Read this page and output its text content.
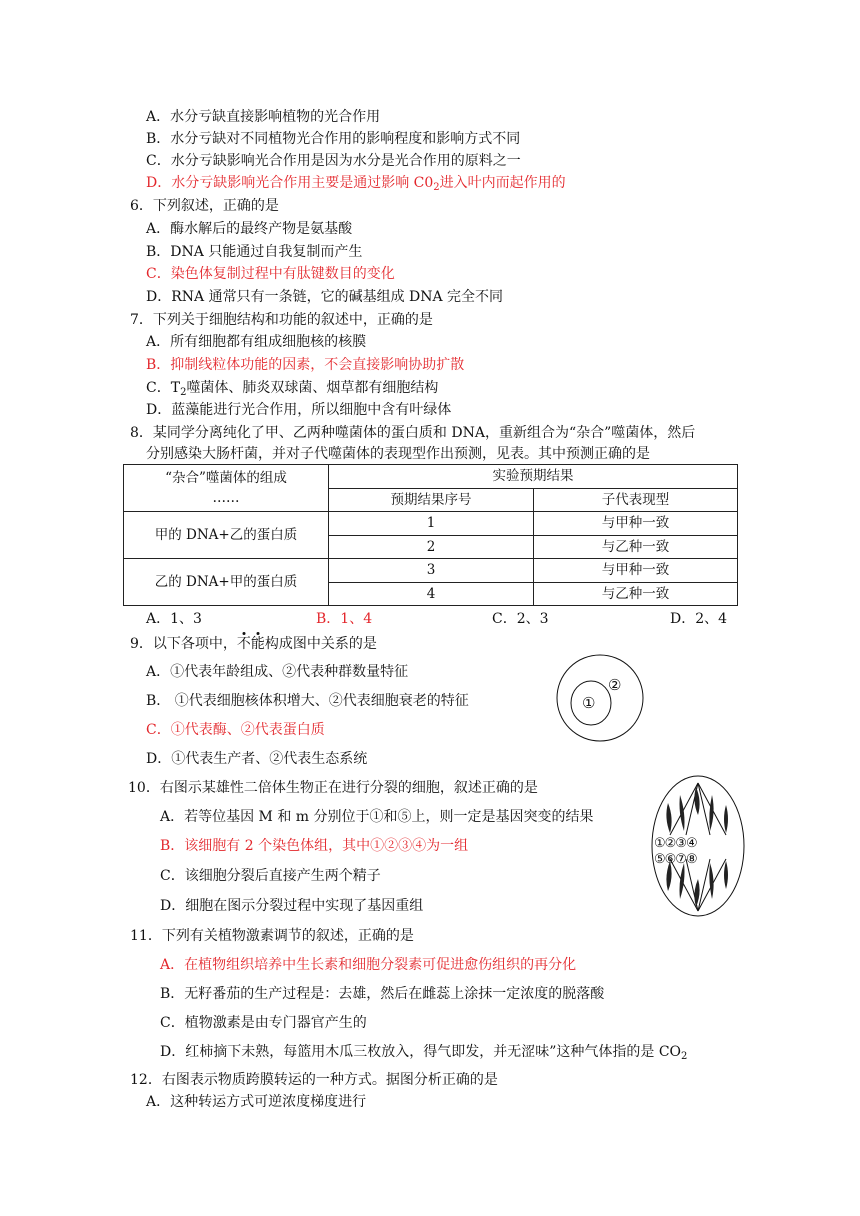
A．水分亏缺直接影响植物的光合作用
B．水分亏缺对不同植物光合作用的影响程度和影响方式不同
C．水分亏缺影响光合作用是因为水分是光合作用的原料之一
D．水分亏缺影响光合作用主要是通过影响 $C0_2$进入叶内而起作用的
6．下列叙述，正确的是
A．酶水解后的最终产物是氨基酸
B．DNA 只能通过自我复制而产生
C．染色体复制过程中有肽键数目的变化
D．RNA 通常只有一条链，它的碱基组成 DNA 完全不同
7．下列关于细胞结构和功能的叙述中，正确的是
A．所有细胞都有组成细胞核的核膜
B．抑制线粒体功能的因素，不会直接影响协助扩散
C．$T_2$噬菌体、肺炎双球菌、烟草都有细胞结构
D．蓝藻能进行光合作用，所以细胞中含有叶绿体
8．某同学分离纯化了甲、乙两种噬菌体的蛋白质和 DNA，重新组合为“杂合”噬菌体，然后
分别感染大肠杆菌，并对子代噬菌体的表现型作出预测，见表。其中预测正确的是
“杂合”噬菌体的组成
……	实验预期结果	
	预期结果序号	子代表现型
甲的 DNA+乙的蛋白质	1	与甲种一致
	2	与乙种一致
乙的 DNA+甲的蛋白质	3	与甲种一致
	4	与乙种一致
A．1、3	B．1、4	C．2、3	D．2、4
9．以下各项中，不能构成图中关系的是
A．①代表年龄组成、②代表种群数量特征
B． ①代表细胞核体积增大、②代表细胞衰老的特征
C．①代表酶、②代表蛋白质
D．①代表生产者、②代表生态系统
①
②
10．右图示某雄性二倍体生物正在进行分裂的细胞，叙述正确的是
A．若等位基因 M 和 m 分别位于①和⑤上，则一定是基因突变的结果
B．该细胞有 2 个染色体组，其中①②③④为一组
C．该细胞分裂后直接产生两个精子
D．细胞在图示分裂过程中实现了基因重组
①②③④
⑤⑥⑦⑧
11．下列有关植物激素调节的叙述，正确的是
A．在植物组织培养中生长素和细胞分裂素可促进愈伤组织的再分化
B．无籽番茄的生产过程是：去雄，然后在雌蕊上涂抹一定浓度的脱落酸
C．植物激素是由专门器官产生的
D．红柿摘下未熟，每篮用木瓜三枚放入，得气即发，并无涩味”这种气体指的是 $CO_2$
12．右图表示物质跨膜转运的一种方式。据图分析正确的是
A．这种转运方式可逆浓度梯度进行
